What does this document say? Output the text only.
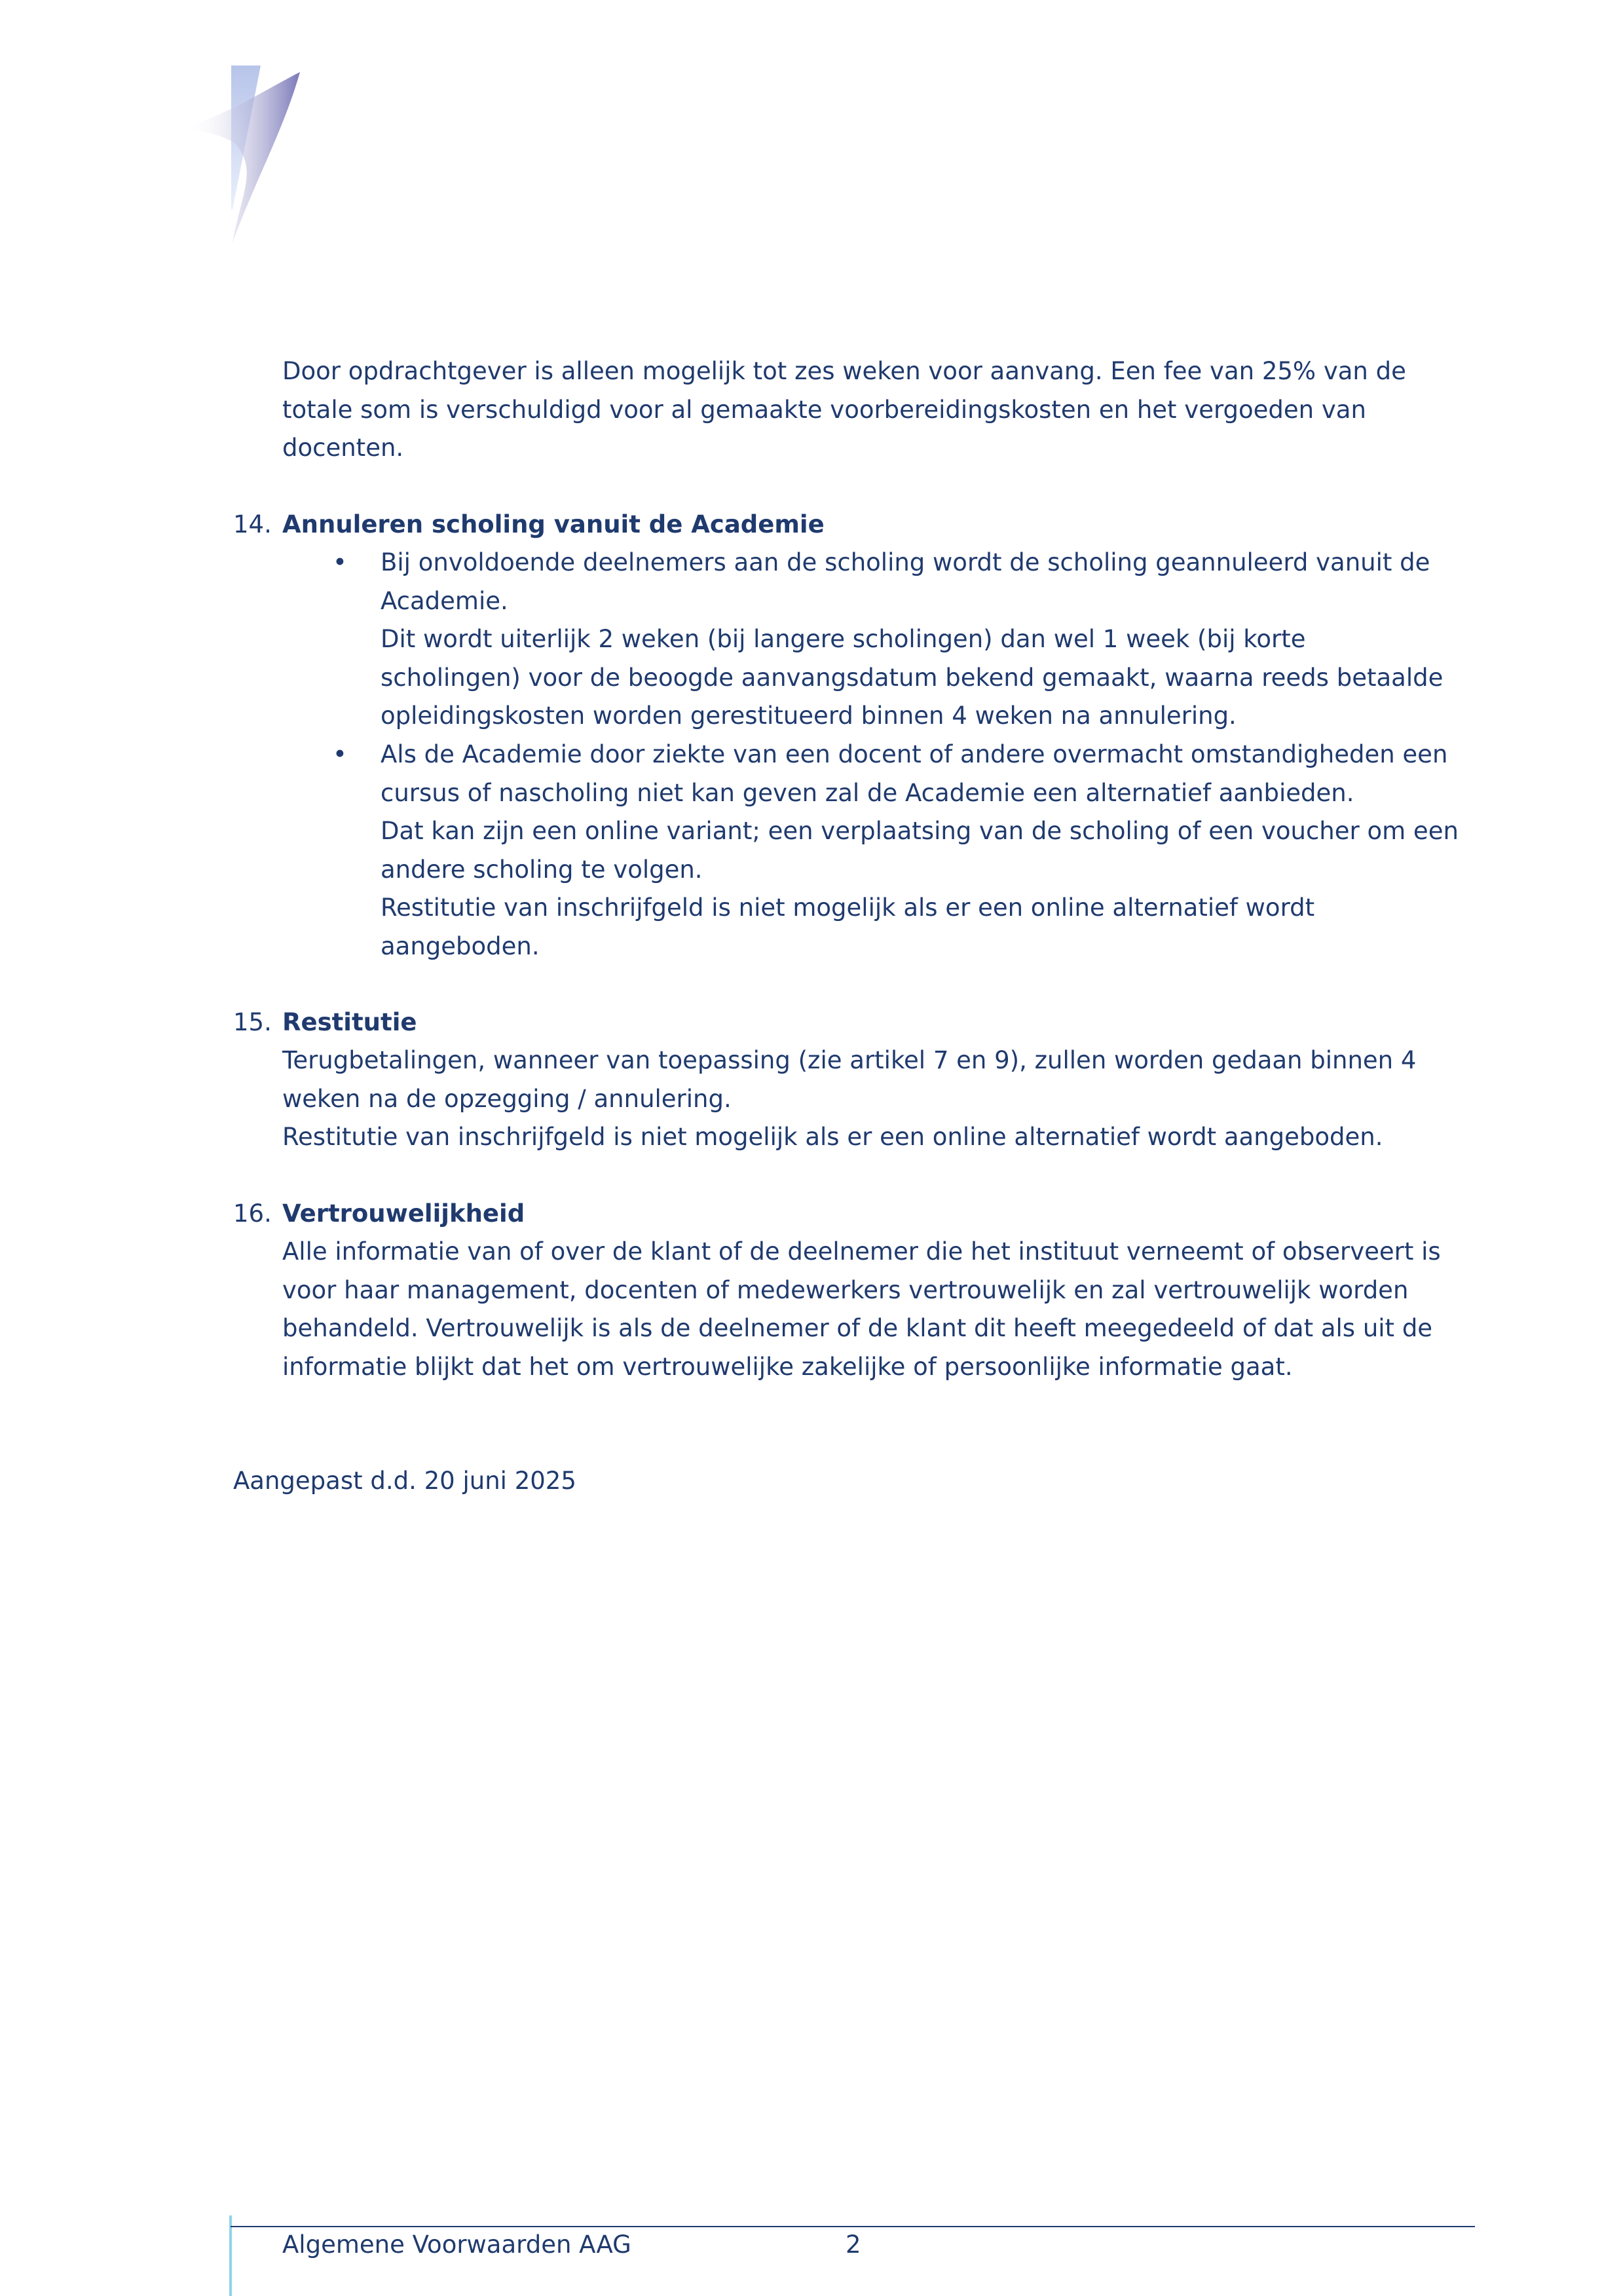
Door opdrachtgever is alleen mogelijk tot zes weken voor aanvang. Een fee van 25% van de
totale som is verschuldigd voor al gemaakte voorbereidingskosten en het vergoeden van
docenten.
14. Annuleren scholing vanuit de Academie
•
Bij onvoldoende deelnemers aan de scholing wordt de scholing geannuleerd vanuit de
Academie.
Dit wordt uiterlijk 2 weken (bij langere scholingen) dan wel 1 week (bij korte
scholingen) voor de beoogde aanvangsdatum bekend gemaakt, waarna reeds betaalde
opleidingskosten worden gerestitueerd binnen 4 weken na annulering.
•
Als de Academie door ziekte van een docent of andere overmacht omstandigheden een
cursus of nascholing niet kan geven zal de Academie een alternatief aanbieden.
Dat kan zijn een online variant; een verplaatsing van de scholing of een voucher om een
andere scholing te volgen.
Restitutie van inschrijfgeld is niet mogelijk als er een online alternatief wordt
aangeboden.
15. Restitutie
Terugbetalingen, wanneer van toepassing (zie artikel 7 en 9), zullen worden gedaan binnen 4
weken na de opzegging / annulering.
Restitutie van inschrijfgeld is niet mogelijk als er een online alternatief wordt aangeboden.
16. Vertrouwelijkheid
Alle informatie van of over de klant of de deelnemer die het instituut verneemt of observeert is
voor haar management, docenten of medewerkers vertrouwelijk en zal vertrouwelijk worden
behandeld. Vertrouwelijk is als de deelnemer of de klant dit heeft meegedeeld of dat als uit de
informatie blijkt dat het om vertrouwelijke zakelijke of persoonlijke informatie gaat.
Aangepast d.d. 20 juni 2025
Algemene Voorwaarden AAG	2
